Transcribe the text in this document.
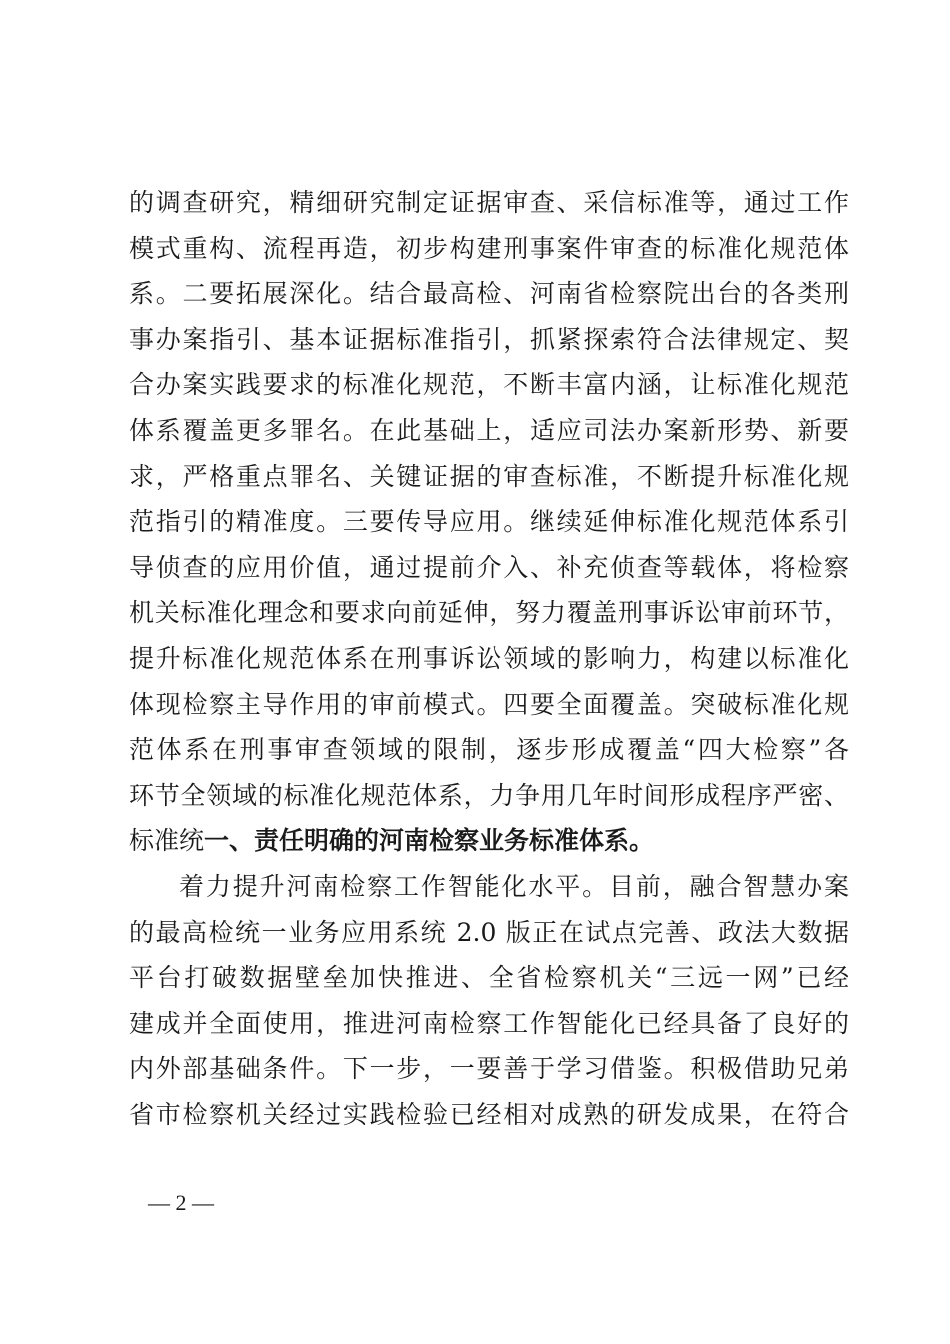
的调查研究，精细研究制定证据审查、采信标准等，通过工作
模式重构、流程再造，初步构建刑事案件审查的标准化规范体
系。二要拓展深化。结合最高检、河南省检察院出台的各类刑
事办案指引、基本证据标准指引，抓紧探索符合法律规定、契
合办案实践要求的标准化规范，不断丰富内涵，让标准化规范
体系覆盖更多罪名。在此基础上，适应司法办案新形势、新要
求，严格重点罪名、关键证据的审查标准，不断提升标准化规
范指引的精准度。三要传导应用。继续延伸标准化规范体系引
导侦查的应用价值，通过提前介入、补充侦查等载体，将检察
机关标准化理念和要求向前延伸，努力覆盖刑事诉讼审前环节，
提升标准化规范体系在刑事诉讼领域的影响力，构建以标准化
体现检察主导作用的审前模式。四要全面覆盖。突破标准化规
范体系在刑事审查领域的限制，逐步形成覆盖“四大检察”各
环节全领域的标准化规范体系，力争用几年时间形成程序严密、
标准统一、责任明确的河南检察业务标准体系。
着力提升河南检察工作智能化水平。目前，融合智慧办案
的最高检统一业务应用系统 2.0 版正在试点完善、政法大数据
平台打破数据壁垒加快推进、全省检察机关“三远一网”已经
建成并全面使用，推进河南检察工作智能化已经具备了良好的
内外部基础条件。下一步，一要善于学习借鉴。积极借助兄弟
省市检察机关经过实践检验已经相对成熟的研发成果，在符合
— 2 —
